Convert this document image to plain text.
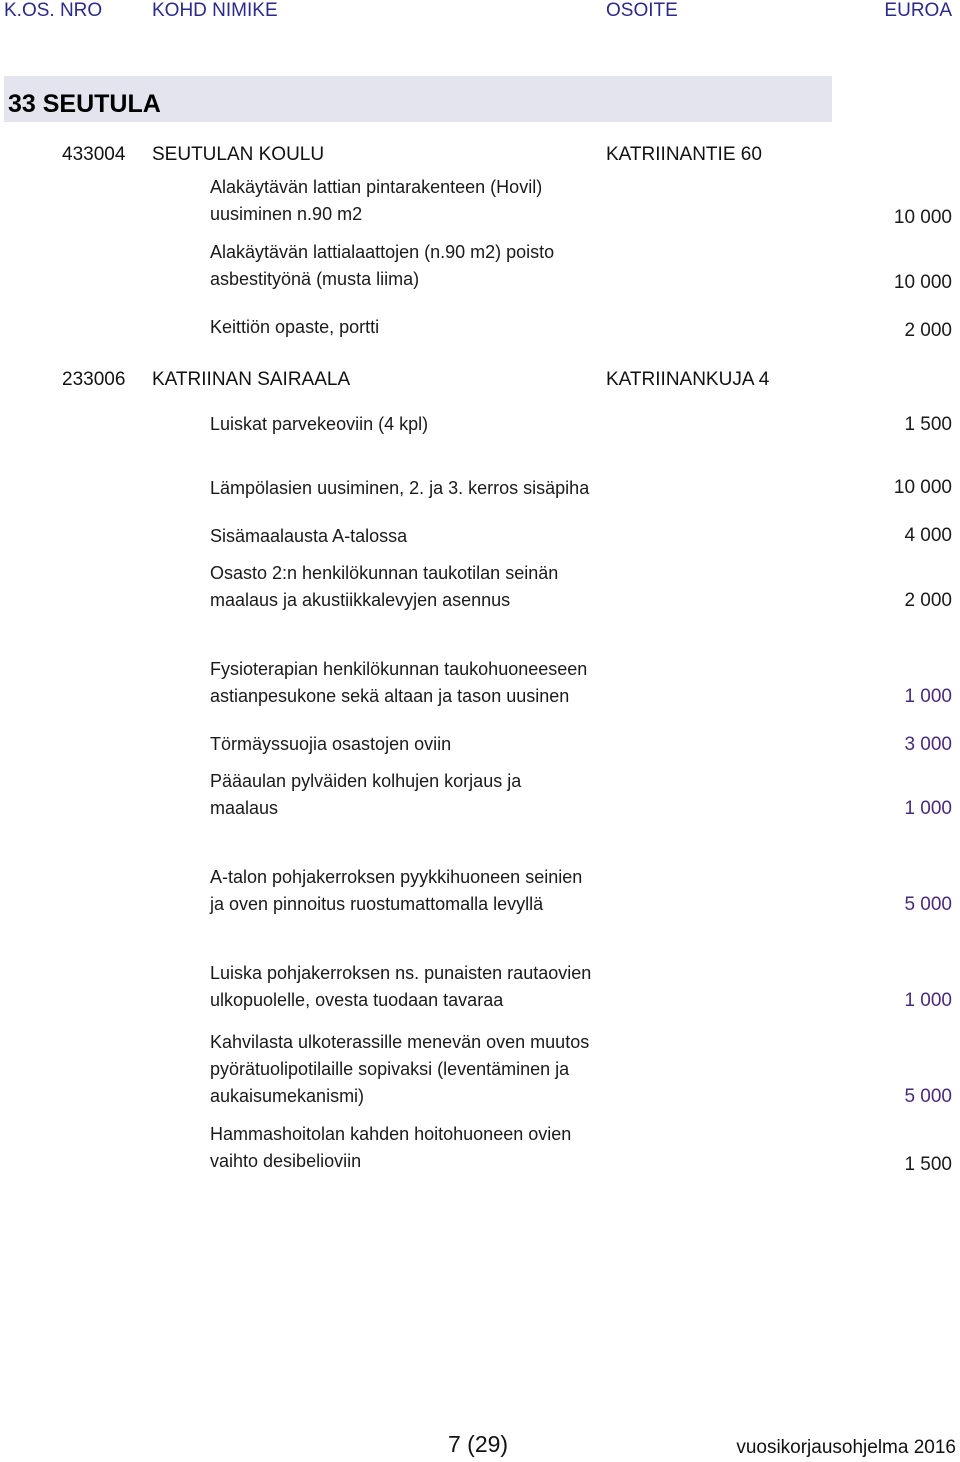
K.OS. NRO	KOHD NIMIKE	OSOITE	EUROA
33 SEUTULA
433004 SEUTULAN KOULU	KATRIINANTIE 60
Alakäytävän lattian pintarakenteen (Hovil)
uusiminen n.90 m2	10 000
Alakäytävän lattialaattojen (n.90 m2) poisto
asbestityönä (musta liima)	10 000
Keittiön opaste, portti	2 000
233006 KATRIINAN SAIRAALA	KATRIINANKUJA 4
Luiskat parvekeoviin (4 kpl)	1 500
Lämpölasien uusiminen, 2. ja 3. kerros sisäpiha	10 000
Sisämaalausta A-talossa	4 000
Osasto 2:n henkilökunnan taukotilan seinän
maalaus ja akustiikkalevyjen asennus	2 000
Fysioterapian henkilökunnan taukohuoneeseen
astianpesukone sekä altaan ja tason uusinen	1 000
Törmäyssuojia osastojen oviin	3 000
Pääaulan pylväiden kolhujen korjaus ja
maalaus	1 000
A-talon pohjakerroksen pyykkihuoneen seinien
ja oven pinnoitus ruostumattomalla levyllä	5 000
Luiska pohjakerroksen ns. punaisten rautaovien
ulkopuolelle, ovesta tuodaan tavaraa	1 000
Kahvilasta ulkoterassille menevän oven muutos
pyörätuolipotilaille sopivaksi (leventäminen ja
aukaisumekanismi)	5 000
Hammashoitolan kahden hoitohuoneen ovien
vaihto desibelioviin	1 500
7 (29)	vuosikorjausohjelma 2016
